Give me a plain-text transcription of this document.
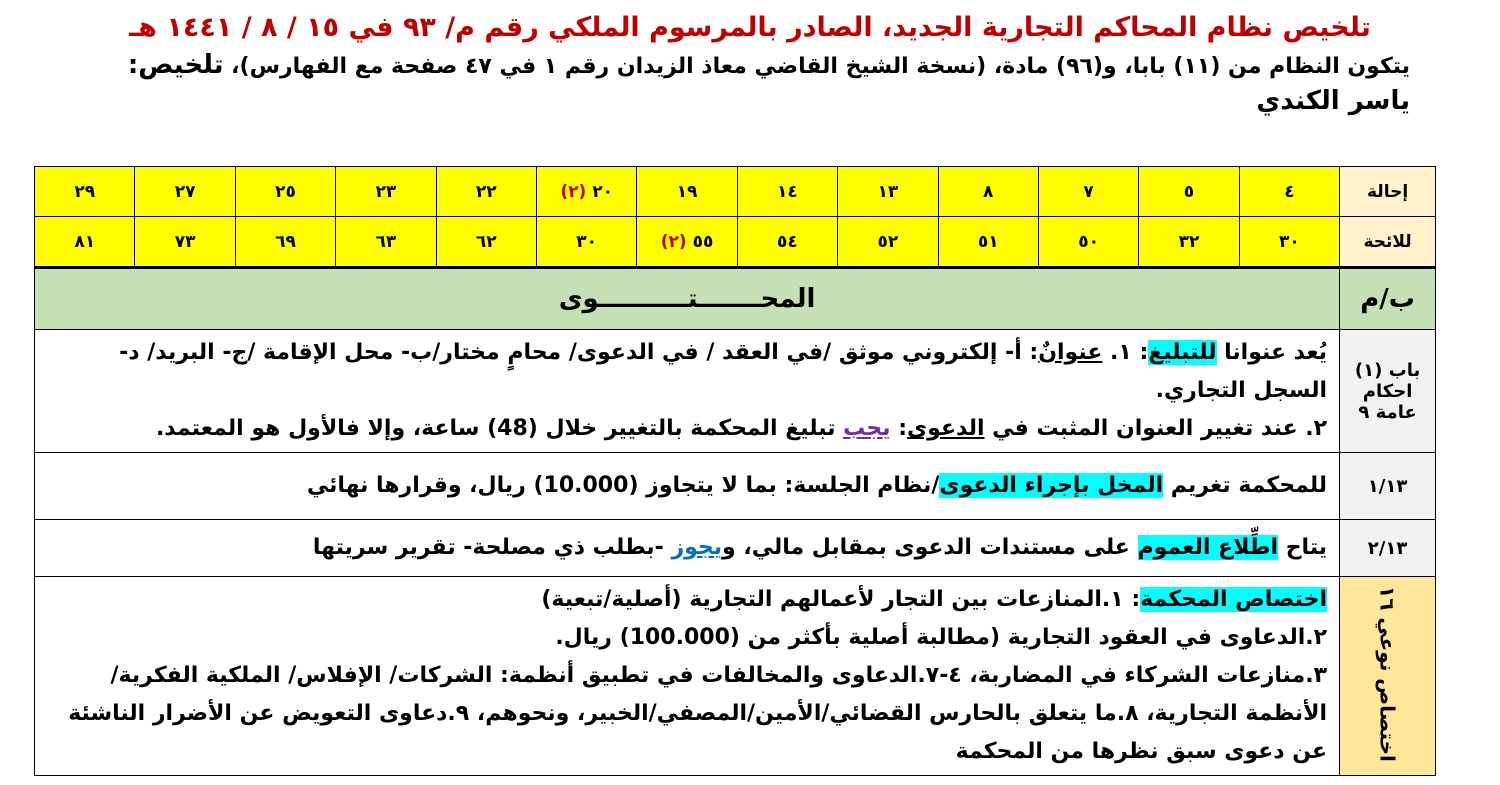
تلخيص نظام المحاكم التجارية الجديد، الصادر بالمرسوم الملكي رقم م/ ٩٣ في ١٥ / ٨ / ١٤٤١ هـ
يتكون النظام من (١١) بابا، و(٩٦) مادة، (نسخة الشيخ القاضي معاذ الزيدان رقم ١ في ٤٧ صفحة مع الفهارس)، تلخيص: ياسر الكندي
إحالة	٤	٥	٧	٨	١٣	١٤	١٩	٢٠ (٢)	٢٢	٢٣	٢٥	٢٧	٢٩
للائحة	٣٠	٣٢	٥٠	٥١	٥٢	٥٤	٥٥ (٢)	٣٠	٦٢	٦٣	٦٩	٧٣	٨١
ب/م	المحـــــــتــــــــــوى												
باب (١) احكام عامة ٩	يُعد عنوانا للتبليغ: ١. عنوانٌ: أ- إلكتروني موثق /في العقد / في الدعوى/ محامٍ مختار/ب- محل الإقامة /ج- البريد/ د- السجل التجاري.
٢. عند تغيير العنوان المثبت في الدعوى: يجب تبليغ المحكمة بالتغيير خلال (48) ساعة، وإلا فالأول هو المعتمد.												
١/١٣	للمحكمة تغريم المخل بإجراء الدعوى/نظام الجلسة: بما لا يتجاوز (10.000) ريال، وقرارها نهائي												
٢/١٣	يتاح اطِّلاع العموم على مستندات الدعوى بمقابل مالي، ويجوز -بطلب ذي مصلحة- تقرير سريتها												
اختصاص نوعي ١٦	اختصاص المحكمة: ١.المنازعات بين التجار لأعمالهم التجارية (أصلية/تبعية)
٢.الدعاوى في العقود التجارية (مطالبة أصلية بأكثر من (100.000) ريال.
٣.منازعات الشركاء في المضاربة، ٤-٧.الدعاوى والمخالفات في تطبيق أنظمة: الشركات/ الإفلاس/ الملكية الفكرية/ الأنظمة التجارية، ٨.ما يتعلق بالحارس القضائي/الأمين/المصفي/الخبير، ونحوهم، ٩.دعاوى التعويض عن الأضرار الناشئة عن دعوى سبق نظرها من المحكمة												
